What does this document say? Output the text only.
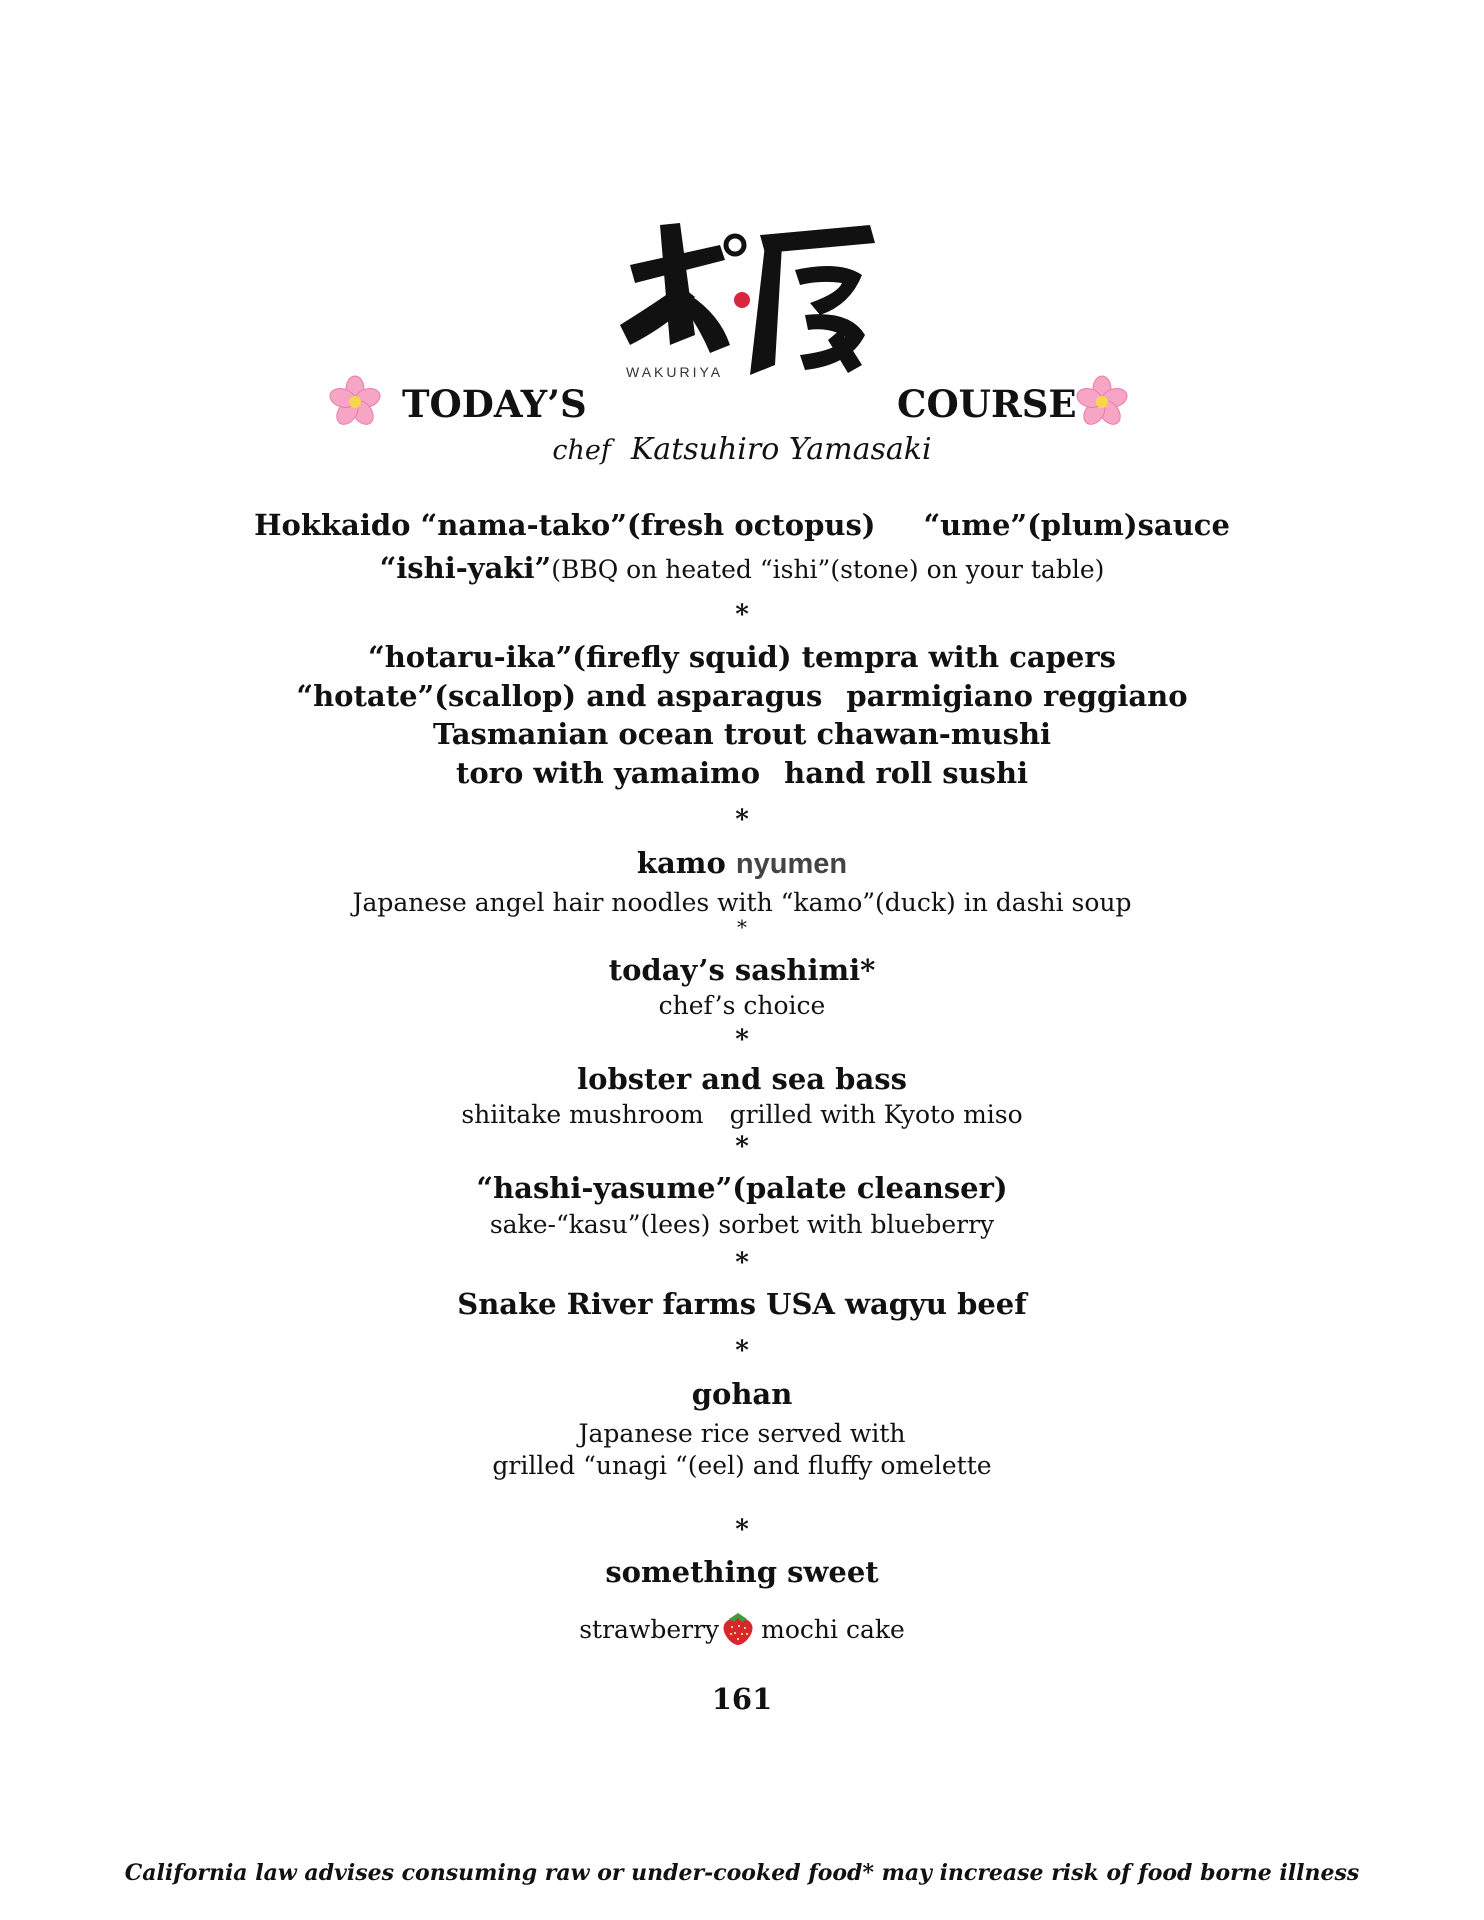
WAKURIYA
TODAY’S	COURSE
chef Katsuhiro Yamasaki
Hokkaido “nama-tako”(fresh octopus) “ume”(plum)sauce
“ishi-yaki”(BBQ on heated “ishi”(stone) on your table)
*
“hotaru-ika”(firefly squid) tempra with capers
“hotate”(scallop) and asparagus parmigiano reggiano
Tasmanian ocean trout chawan-mushi
toro with yamaimo hand roll sushi
*
kamo nyumen
Japanese angel hair noodles with “kamo”(duck) in dashi soup
*
today’s sashimi*
chef’s choice
*
lobster and sea bass
shiitake mushroom grilled with Kyoto miso
*
“hashi-yasume”(palate cleanser)
sake-“kasu”(lees) sorbet with blueberry
*
Snake River farms USA wagyu beef
*
gohan
Japanese rice served with
grilled “unagi “(eel) and fluffy omelette
*
something sweet
strawberry mochi cake
161
California law advises consuming raw or under-cooked food* may increase risk of food borne illness
